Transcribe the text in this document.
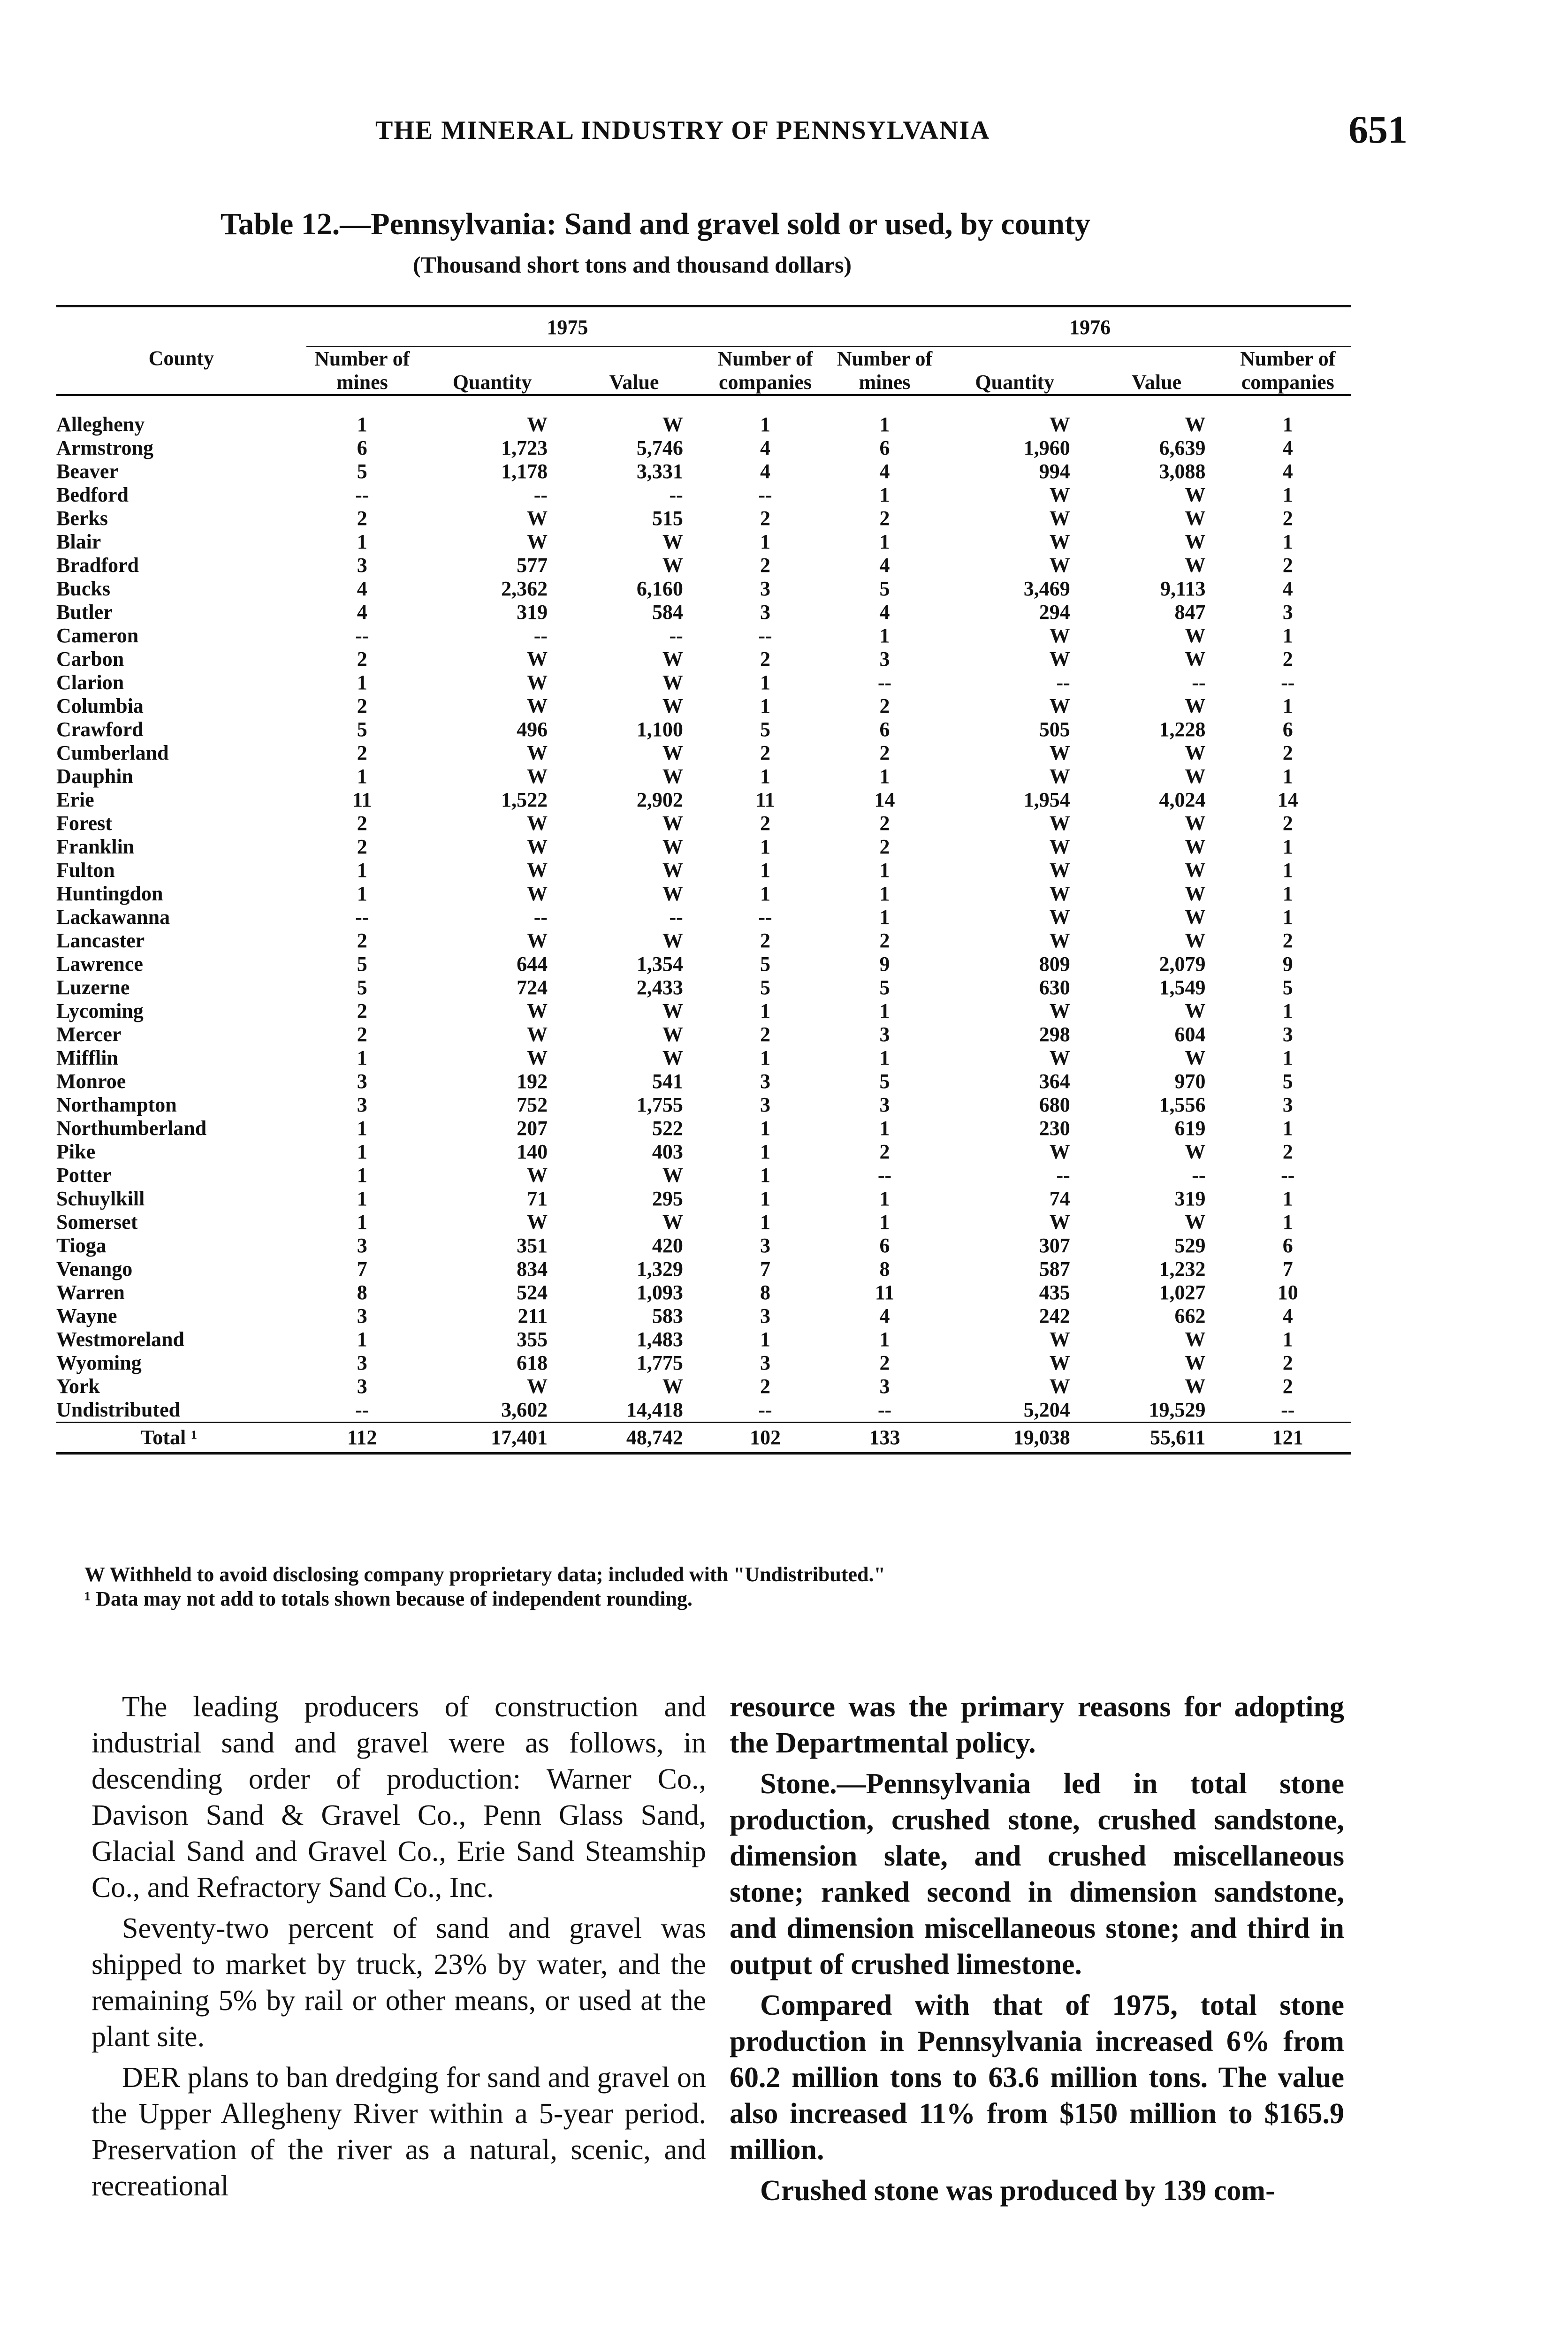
THE MINERAL INDUSTRY OF PENNSYLVANIA	651
Table 12.—Pennsylvania: Sand and gravel sold or used, by county
(Thousand short tons and thousand dollars)
	1975				1976			
County	Number of mines	Quantity	Value	Number of companies	Number of mines	Quantity	Value	Number of companies
Allegheny	1	W	W	1	1	W	W	1
Armstrong	6	1,723	5,746	4	6	1,960	6,639	4
Beaver	5	1,178	3,331	4	4	994	3,088	4
Bedford	--	--	--	--	1	W	W	1
Berks	2	W	515	2	2	W	W	2
Blair	1	W	W	1	1	W	W	1
Bradford	3	577	W	2	4	W	W	2
Bucks	4	2,362	6,160	3	5	3,469	9,113	4
Butler	4	319	584	3	4	294	847	3
Cameron	--	--	--	--	1	W	W	1
Carbon	2	W	W	2	3	W	W	2
Clarion	1	W	W	1	--	--	--	--
Columbia	2	W	W	1	2	W	W	1
Crawford	5	496	1,100	5	6	505	1,228	6
Cumberland	2	W	W	2	2	W	W	2
Dauphin	1	W	W	1	1	W	W	1
Erie	11	1,522	2,902	11	14	1,954	4,024	14
Forest	2	W	W	2	2	W	W	2
Franklin	2	W	W	1	2	W	W	1
Fulton	1	W	W	1	1	W	W	1
Huntingdon	1	W	W	1	1	W	W	1
Lackawanna	--	--	--	--	1	W	W	1
Lancaster	2	W	W	2	2	W	W	2
Lawrence	5	644	1,354	5	9	809	2,079	9
Luzerne	5	724	2,433	5	5	630	1,549	5
Lycoming	2	W	W	1	1	W	W	1
Mercer	2	W	W	2	3	298	604	3
Mifflin	1	W	W	1	1	W	W	1
Monroe	3	192	541	3	5	364	970	5
Northampton	3	752	1,755	3	3	680	1,556	3
Northumberland	1	207	522	1	1	230	619	1
Pike	1	140	403	1	2	W	W	2
Potter	1	W	W	1	--	--	--	--
Schuylkill	1	71	295	1	1	74	319	1
Somerset	1	W	W	1	1	W	W	1
Tioga	3	351	420	3	6	307	529	6
Venango	7	834	1,329	7	8	587	1,232	7
Warren	8	524	1,093	8	11	435	1,027	10
Wayne	3	211	583	3	4	242	662	4
Westmoreland	1	355	1,483	1	1	W	W	1
Wyoming	3	618	1,775	3	2	W	W	2
York	3	W	W	2	3	W	W	2
Undistributed	--	3,602	14,418	--	--	5,204	19,529	--
Total ¹	112	17,401	48,742	102	133	19,038	55,611	121

W Withheld to avoid disclosing company proprietary data; included with "Undistributed."

¹ Data may not add to totals shown because of independent rounding.

The leading producers of construction and industrial sand and gravel were as follows, in descending order of production: Warner Co., Davison Sand & Gravel Co., Penn Glass Sand, Glacial Sand and Gravel Co., Erie Sand Steamship Co., and Refractory Sand Co., Inc.

Seventy-two percent of sand and gravel was shipped to market by truck, 23% by water, and the remaining 5% by rail or other means, or used at the plant site.

DER plans to ban dredging for sand and gravel on the Upper Allegheny River within a 5-year period. Preservation of the river as a natural, scenic, and recreational

resource was the primary reasons for adopting the Departmental policy.

Stone.—Pennsylvania led in total stone production, crushed stone, crushed sandstone, dimension slate, and crushed miscellaneous stone; ranked second in dimension sandstone, and dimension miscellaneous stone; and third in output of crushed limestone.

Compared with that of 1975, total stone production in Pennsylvania increased 6% from 60.2 million tons to 63.6 million tons. The value also increased 11% from $150 million to $165.9 million.

Crushed stone was produced by 139 com-
